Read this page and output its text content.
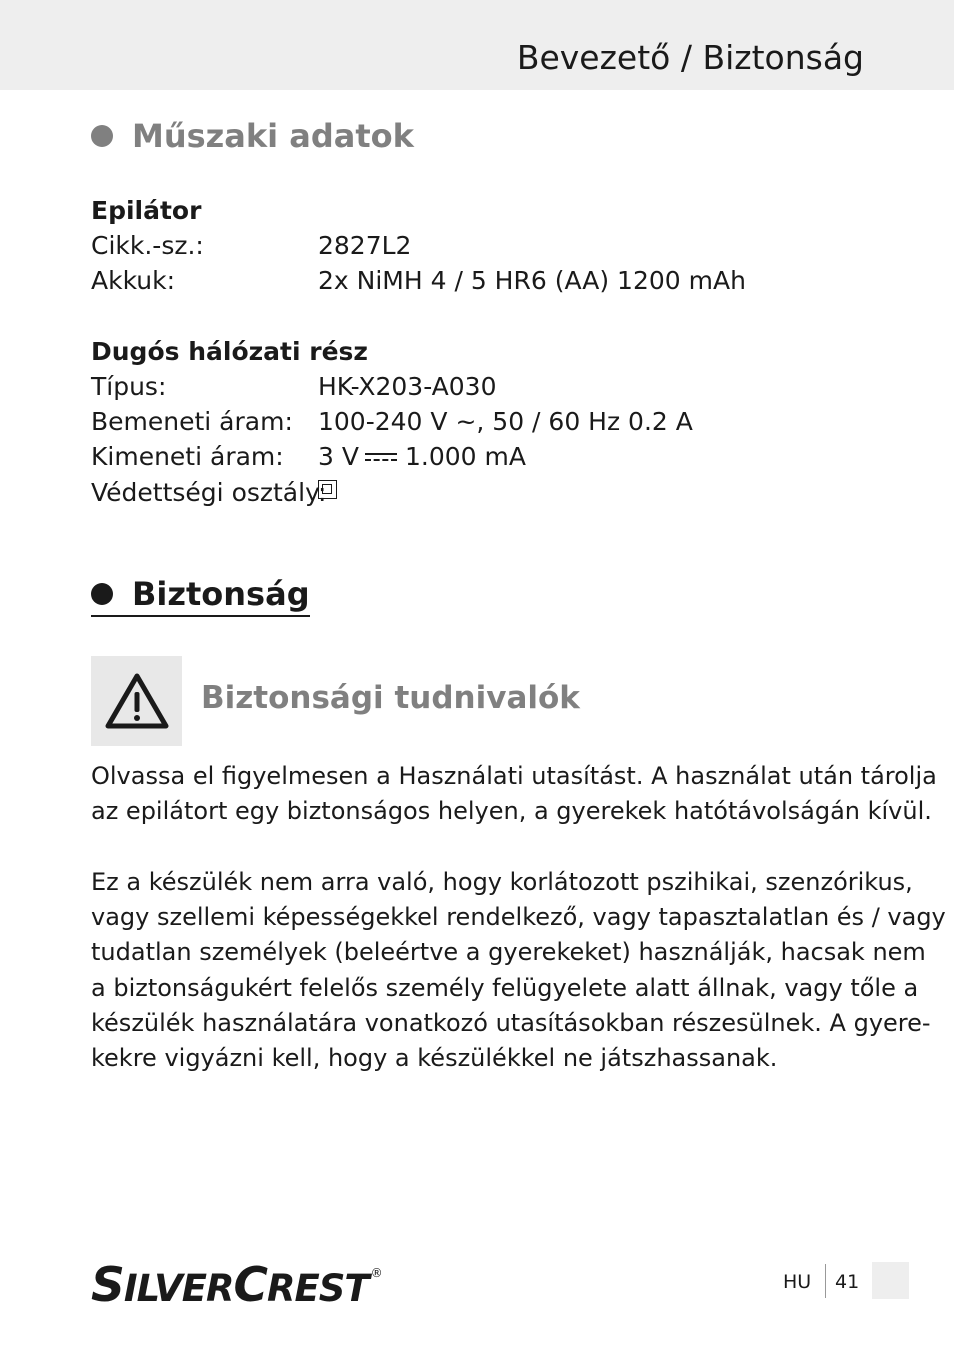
Bevezető / Biztonság
Műszaki adatok
Epilátor
Cikk.-sz.:	2827L2
Akkuk:	2x NiMH 4 / 5 HR6 (AA) 1200 mAh
Dugós hálózati rész
Típus:	HK-X203-A030
Bemeneti áram: 100-240 V ~, 50 / 60 Hz 0.2 A
Kimeneti áram: 3 V 1.000 mA
Védettségi osztály:
Biztonság
Biztonsági tudnivalók
Olvassa el figyelmesen a Használati utasítást. A használat után tárolja
az epilátort egy biztonságos helyen, a gyerekek hatótávolságán kívül.
Ez a készülék nem arra való, hogy korlátozott pszihikai, szenzórikus,
vagy szellemi képességekkel rendelkező, vagy tapasztalatlan és / vagy
tudatlan személyek (beleértve a gyerekeket) használják, hacsak nem
a biztonságukért felelős személy felügyelete alatt állnak, vagy tőle a
készülék használatára vonatkozó utasításokban részesülnek. A gyere-
kekre vigyázni kell, hogy a készülékkel ne játszhassanak.
SILVERCREST ®	HU 41
